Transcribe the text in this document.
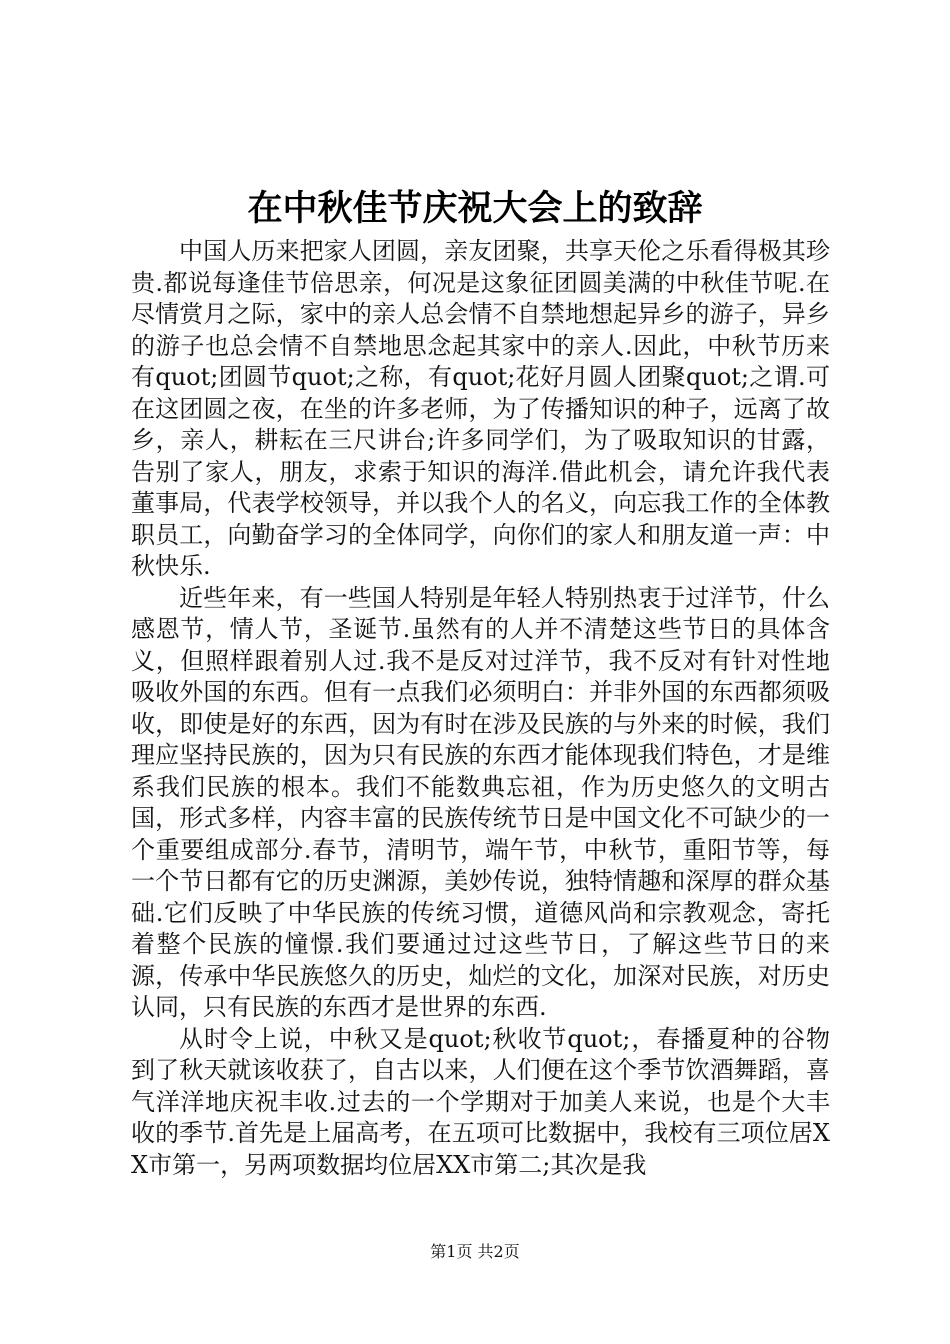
在中秋佳节庆祝大会上的致辞

中国人历来把家人团圆，亲友团聚，共享天伦之乐看得极其珍贵.都说每逢佳节倍思亲，何况是这象征团圆美满的中秋佳节呢.在尽情赏月之际，家中的亲人总会情不自禁地想起异乡的游子，异乡的游子也总会情不自禁地思念起其家中的亲人.因此，中秋节历来有quot;团圆节quot;之称，有quot;花好月圆人团聚quot;之谓.可在这团圆之夜，在坐的许多老师，为了传播知识的种子，远离了故乡，亲人，耕耘在三尺讲台;许多同学们，为了吸取知识的甘露，告别了家人，朋友，求索于知识的海洋.借此机会，请允许我代表董事局，代表学校领导，并以我个人的名义，向忘我工作的全体教职员工，向勤奋学习的全体同学，向你们的家人和朋友道一声：中秋快乐.

近些年来，有一些国人特别是年轻人特别热衷于过洋节，什么感恩节，情人节，圣诞节.虽然有的人并不清楚这些节日的具体含义，但照样跟着别人过.我不是反对过洋节，我不反对有针对性地吸收外国的东西。但有一点我们必须明白：并非外国的东西都须吸收，即使是好的东西，因为有时在涉及民族的与外来的时候，我们理应坚持民族的，因为只有民族的东西才能体现我们特色，才是维系我们民族的根本。我们不能数典忘祖，作为历史悠久的文明古国，形式多样，内容丰富的民族传统节日是中国文化不可缺少的一个重要组成部分.春节，清明节，端午节，中秋节，重阳节等，每一个节日都有它的历史渊源，美妙传说，独特情趣和深厚的群众基础.它们反映了中华民族的传统习惯，道德风尚和宗教观念，寄托着整个民族的憧憬.我们要通过过这些节日，了解这些节日的来源，传承中华民族悠久的历史，灿烂的文化，加深对民族，对历史认同，只有民族的东西才是世界的东西.

从时令上说，中秋又是quot;秋收节quot;，春播夏种的谷物到了秋天就该收获了，自古以来，人们便在这个季节饮酒舞蹈，喜气洋洋地庆祝丰收.过去的一个学期对于加美人来说，也是个大丰收的季节.首先是上届高考，在五项可比数据中，我校有三项位居XX市第一，另两项数据均位居XX市第二;其次是我

第1页 共2页
